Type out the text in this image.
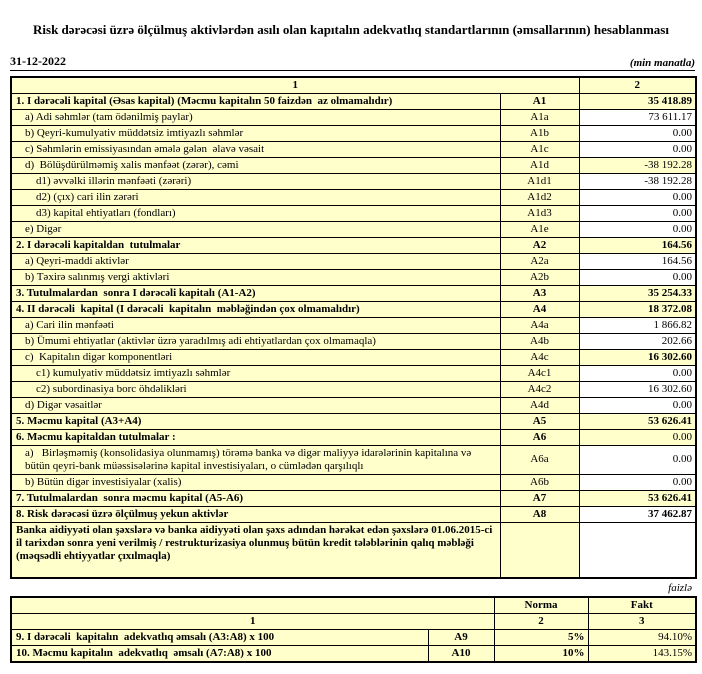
Risk dərəcəsi üzrə ölçülmuş aktivlərdən asılı olan kapıtalın adekvatlıq standartlarının (əmsallarının) hesablanması
31-12-2022	(min manatla)
1		2
1. I dərəcəli kapital (Əsas kapital) (Məcmu kapitalın 50 faizdən  az olmamalıdır)	A1	35 418.89
a) Adi səhmlər (tam ödənilmiş paylar)	A1a	73 611.17
b) Qeyri-kumulyativ müddətsiz imtiyazlı səhmlər	A1b	0.00
c) Səhmlərin emissiyasından əmələ gələn  əlavə vəsait	A1c	0.00
d)  Bölüşdürülməmiş xalis mənfəət (zərər), cəmi	A1d	-38 192.28
d1) əvvəlki illərin mənfəəti (zərəri)	A1d1	-38 192.28
d2) (çıx) cari ilin zərəri	A1d2	0.00
d3) kapital ehtiyatları (fondları)	A1d3	0.00
e) Digər	A1e	0.00
2. I dərəcəli kapitaldan  tutulmalar	A2	164.56
a) Qeyri-maddi aktivlər	A2a	164.56
b) Təxirə salınmış vergi aktivləri	A2b	0.00
3. Tutulmalardan  sonra I dərəcəli kapitalı (A1-A2)	A3	35 254.33
4. II dərəcəli  kapital (I dərəcəli  kapitalın  məbləğindən çox olmamalıdır)	A4	18 372.08
a) Cari ilin mənfəəti	A4a	1 866.82
b) Ümumi ehtiyatlar (aktivlər üzrə yaradılmış adi ehtiyatlardan çox olmamaqla)	A4b	202.66
c)  Kapitalın digər komponentləri	A4c	16 302.60
c1) kumulyativ müddətsiz imtiyazlı səhmlər	A4c1	0.00
c2) subordinasiya borc öhdəlikləri	A4c2	16 302.60
d) Digər vəsaitlər	A4d	0.00
5. Məcmu kapital (A3+A4)	A5	53 626.41
6. Məcmu kapitaldan tutulmalar :	A6	0.00
a)   Birləşməmiş (konsolidasiya olunmamış) törəmə banka və digər maliyyə idarələrinin kapitalına və bütün qeyri-bank müəssisələrinə kapital investisiyaları, o cümlədən qarşılıqlı	A6a	0.00
b) Bütün digər investisiyalar (xalis)	A6b	0.00
7. Tutulmalardan  sonra məcmu kapital (A5-A6)	A7	53 626.41
8. Risk dərəcəsi üzrə ölçülmuş yekun aktivlər	A8	37 462.87
Banka aidiyyəti olan şəxslərə və banka aidiyyəti olan şəxs adından hərəkət edən şəxslərə 01.06.2015-ci il tarixdən sonra yeni verilmiş / restrukturizasiya olunmuş bütün kredit tələblərinin qalıq məbləği (məqsədli ehtiyyatlar çıxılmaqla)		
faizlə
		Norma	Fakt
1		2	3
9. I dərəcəli  kapitalın  adekvatlıq əmsalı (A3:A8) x 100	A9	5%	94.10%
10. Məcmu kapitalın  adekvatlıq  əmsalı (A7:A8) x 100	A10	10%	143.15%
